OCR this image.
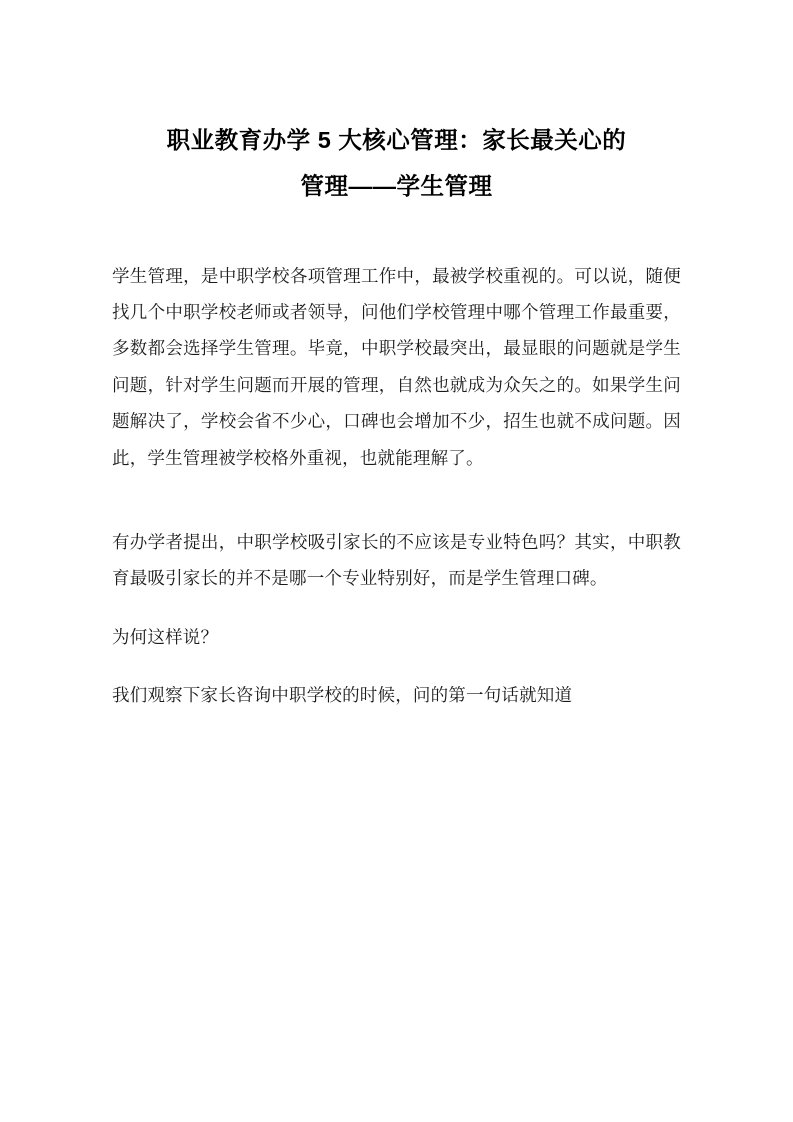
职业教育办学 5 大核心管理：家长最关心的
管理——学生管理

学生管理，是中职学校各项管理工作中，最被学校重视的。可以说，随便找几个中职学校老师或者领导，问他们学校管理中哪个管理工作最重要，多数都会选择学生管理。毕竟，中职学校最突出，最显眼的问题就是学生问题，针对学生问题而开展的管理，自然也就成为众矢之的。如果学生问题解决了，学校会省不少心，口碑也会增加不少，招生也就不成问题。因此，学生管理被学校格外重视，也就能理解了。

有办学者提出，中职学校吸引家长的不应该是专业特色吗？其实，中职教育最吸引家长的并不是哪一个专业特别好，而是学生管理口碑。

为何这样说？

我们观察下家长咨询中职学校的时候，问的第一句话就知道
